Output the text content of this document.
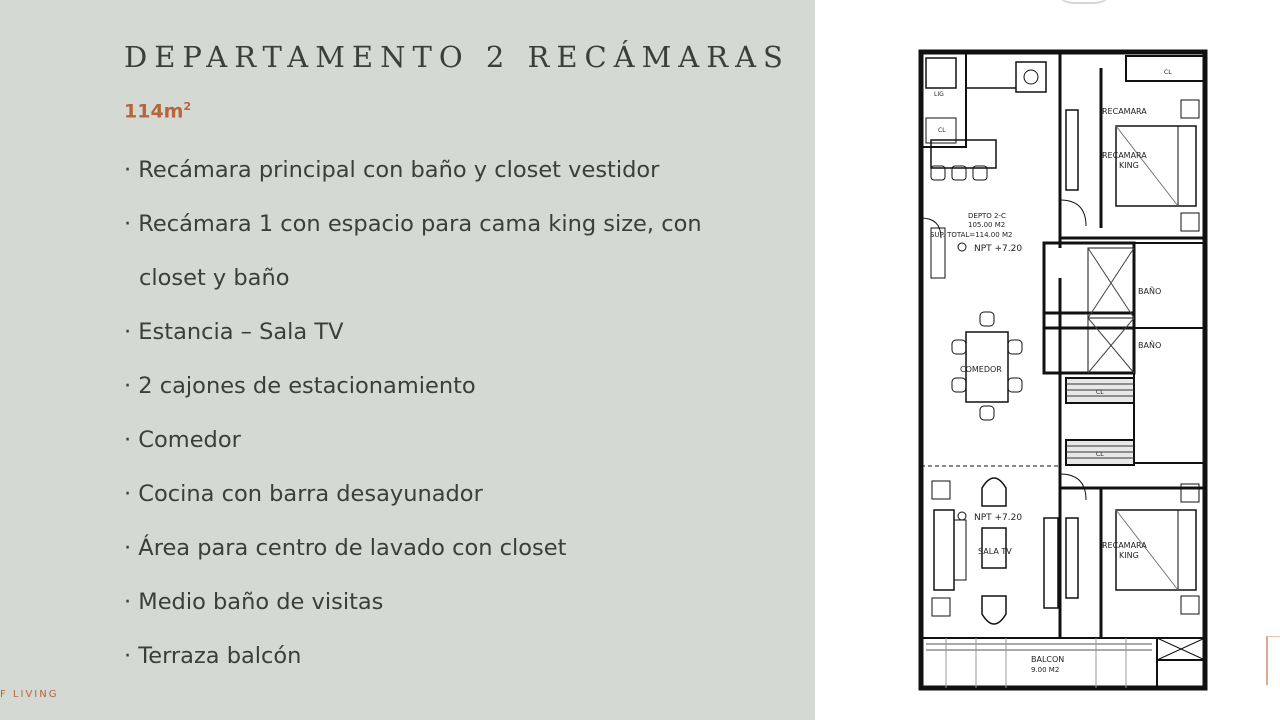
DEPARTAMENTO 2 RECÁMARAS
$114m^2$
· Recámara principal con baño y closet vestidor
· Recámara 1 con espacio para cama king size, con
closet y baño
· Estancia – Sala TV
· 2 cajones de estacionamiento
· Comedor
· Cocina con barra desayunador
· Área para centro de lavado con closet
· Medio baño de visitas
· Terraza balcón
F LIVING
RECAMARA
RECAMARA
KING
DEPTO 2-C
105.00 M2
SUP. TOTAL=114.00 M2
NPT +7.20
BAÑO
BAÑO
COMEDOR
NPT +7.20
SALA TV
RECAMARA
KING
BALCON
9.00 M2
CL
CL
CL
CL
LIG
